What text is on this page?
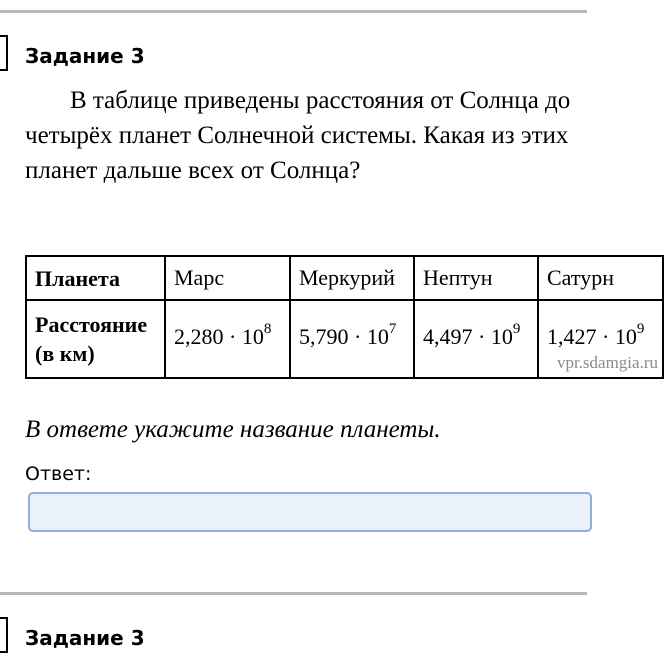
Задание 3
В таблице приведены расстояния от Солнца до четырёх планет Солнечной системы. Какая из этих планет дальше всех от Солнца?
Планета	Марс	Меркурий	Нептун	Сатурн
Расстояние
(в км)	$2,280 \cdot 10^8$	$5,790 \cdot 10^7$	$4,497 \cdot 10^9$	$1,427 \cdot 10^9$
vpr.sdamgia.ru
В ответе укажите название планеты.
Ответ:
Задание 3
